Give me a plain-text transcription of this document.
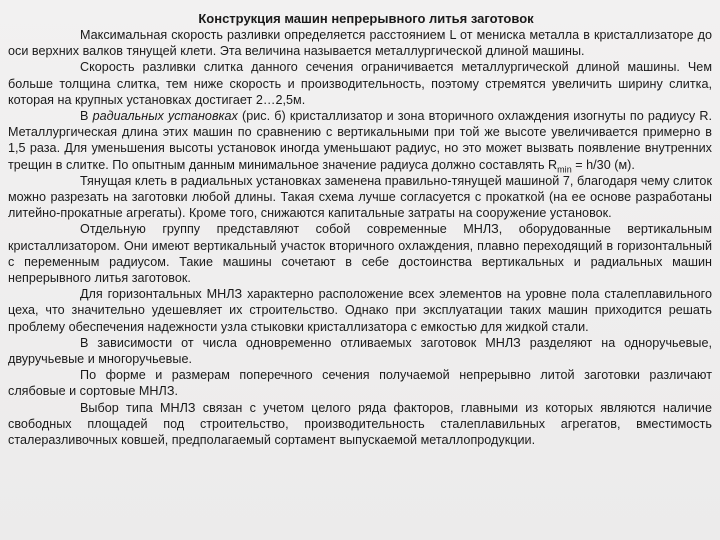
Конструкция машин непрерывного литья заготовок

Максимальная скорость разливки определяется расстоянием L от мениска металла в кристаллизаторе до оси верхних валков тянущей клети. Эта величина называется металлургической длиной машины.

Скорость разливки слитка данного сечения ограничивается металлургической длиной машины. Чем больше толщина слитка, тем ниже скорость и производительность, поэтому стремятся увеличить ширину слитка, которая на крупных установках достигает 2…2,5м.

В радиальных установках (рис. б) кристаллизатор и зона вторичного охлаждения изогнуты по радиусу R. Металлургическая длина этих машин по сравнению с вертикальными при той же высоте увеличивается примерно в 1,5 раза. Для уменьшения высоты установок иногда уменьшают радиус, но это может вызвать появление внутренних трещин в слитке. По опытным данным минимальное значение радиуса должно составлять $R_{min} = h/30$ (м).

Тянущая клеть в радиальных установках заменена правильно-тянущей машиной 7, благодаря чему слиток можно разрезать на заготовки любой длины. Такая схема лучше согласуется с прокаткой (на ее основе разработаны литейно-прокатные агрегаты). Кроме того, снижаются капитальные затраты на сооружение установок.

Отдельную группу представляют собой современные МНЛЗ, оборудованные вертикальным кристаллизатором. Они имеют вертикальный участок вторичного охлаждения, плавно переходящий в горизонтальный с переменным радиусом. Такие машины сочетают в себе достоинства вертикальных и радиальных машин непрерывного литья заготовок.

Для горизонтальных МНЛЗ характерно расположение всех элементов на уровне пола сталеплавильного цеха, что значительно удешевляет их строительство. Однако при эксплуатации таких машин приходится решать проблему обеспечения надежности узла стыковки кристаллизатора с емкостью для жидкой стали.

В зависимости от числа одновременно отливаемых заготовок МНЛЗ разделяют на одноручьевые, двуручьевые и многоручьевые.

По форме и размерам поперечного сечения получаемой непрерывно литой заготовки различают слябовые и сортовые МНЛЗ.

Выбор типа МНЛЗ связан с учетом целого ряда факторов, главными из которых являются наличие свободных площадей под строительство, производительность сталеплавильных агрегатов, вместимость сталеразливочных ковшей, предполагаемый сортамент выпускаемой металлопродукции.
